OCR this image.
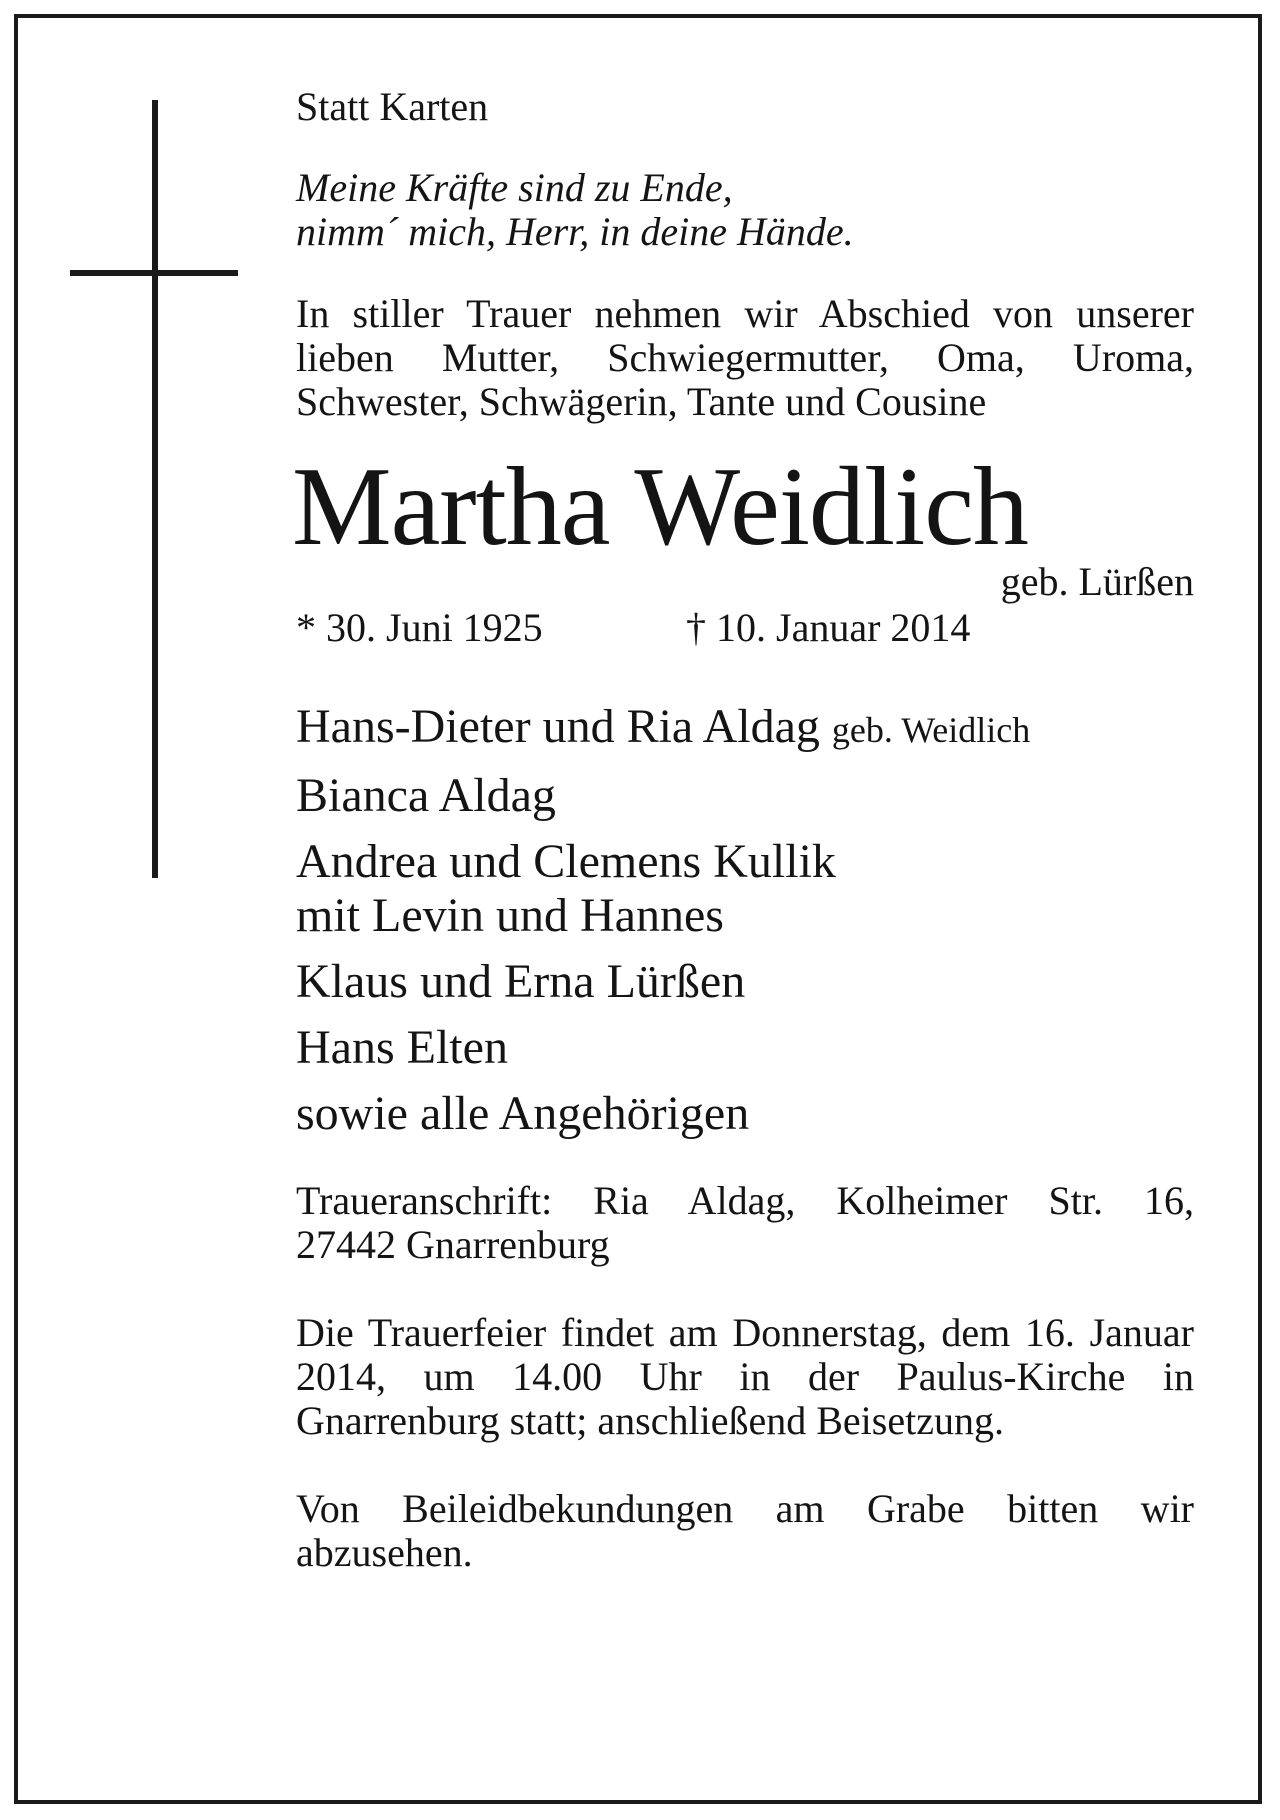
Statt Karten

Meine Kräfte sind zu Ende,
nimm´ mich, Herr, in deine Hände.

In stiller Trauer nehmen wir Abschied von unserer lieben Mutter, Schwiegermutter, Oma, Uroma, Schwester, Schwägerin, Tante und Cousine

Martha Weidlich
geb. Lürßen
* 30. Juni 1925	† 10. Januar 2014
Hans-Dieter und Ria Aldag geb. Weidlich
Bianca Aldag
Andrea und Clemens Kullik
mit Levin und Hannes
Klaus und Erna Lürßen
Hans Elten
sowie alle Angehörigen

Traueranschrift: Ria Aldag, Kolheimer Str. 16,
27442 Gnarrenburg

Die Trauerfeier findet am Donnerstag, dem 16. Januar 2014, um 14.00 Uhr in der Paulus-Kirche in Gnarrenburg statt; anschließend Beisetzung.

Von Beileidbekundungen am Grabe bitten wir abzusehen.
